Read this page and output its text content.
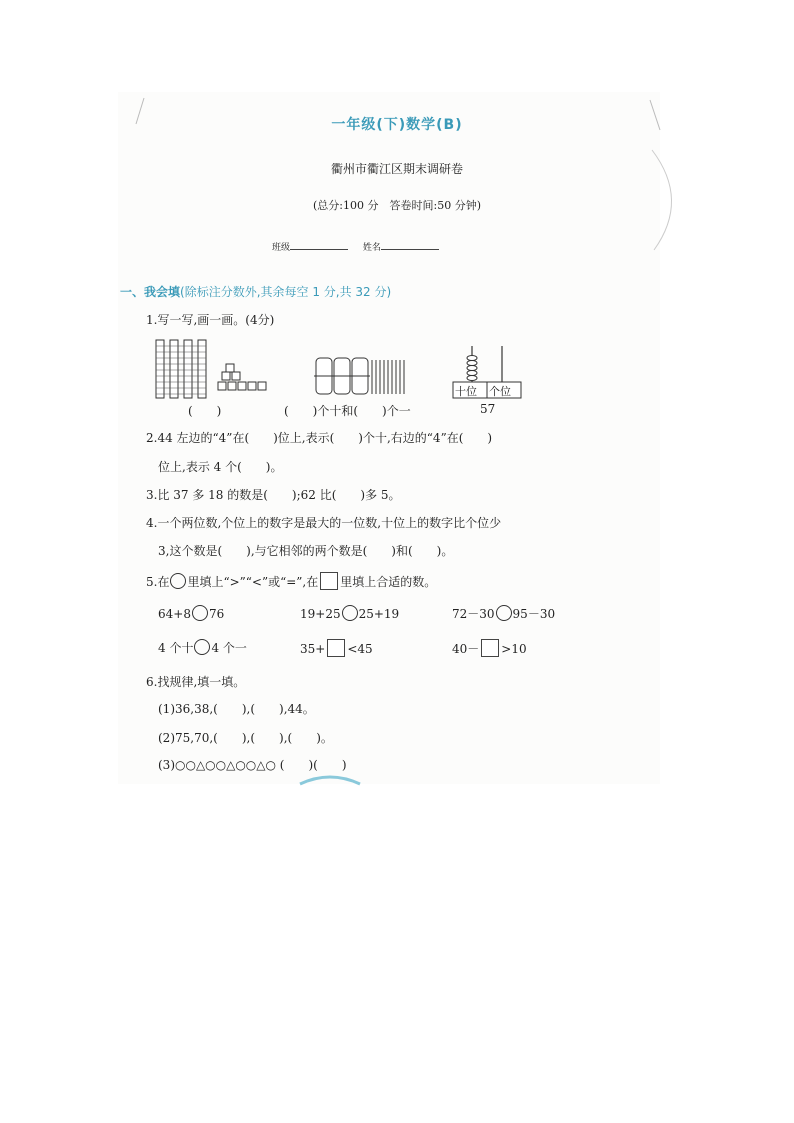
一年级(下)数学(B)
衢州市衢江区期末调研卷
(总分:100 分　答卷时间:50 分钟)
班级	姓名
一、我会填(除标注分数外,其余每空 1 分,共 32 分)
1.写一写,画一画。(4分)
(　　)	(　　)个十和(　　)个一
十位 个位
57
2.44 左边的“4”在(　　)位上,表示(　　)个十,右边的“4”在(　　)
位上,表示 4 个(　　)。
3.比 37 多 18 的数是(　　);62 比(　　)多 5。
4.一个两位数,个位上的数字是最大的一位数,十位上的数字比个位少
3,这个数是(　　),与它相邻的两个数是(　　)和(　　)。
5.在 里填上“>”“<”或“=”,在 里填上合适的数。
64+8 76	19+25 25+19	72－30 95－30
4 个十 4 个一	35+ <45	40－ >10
6.找规律,填一填。
(1)36,38,(　　),(　　),44。
(2)75,70,(　　),(　　),(　　)。
(3)○○△○○△○○△○ (　　)(　　)
